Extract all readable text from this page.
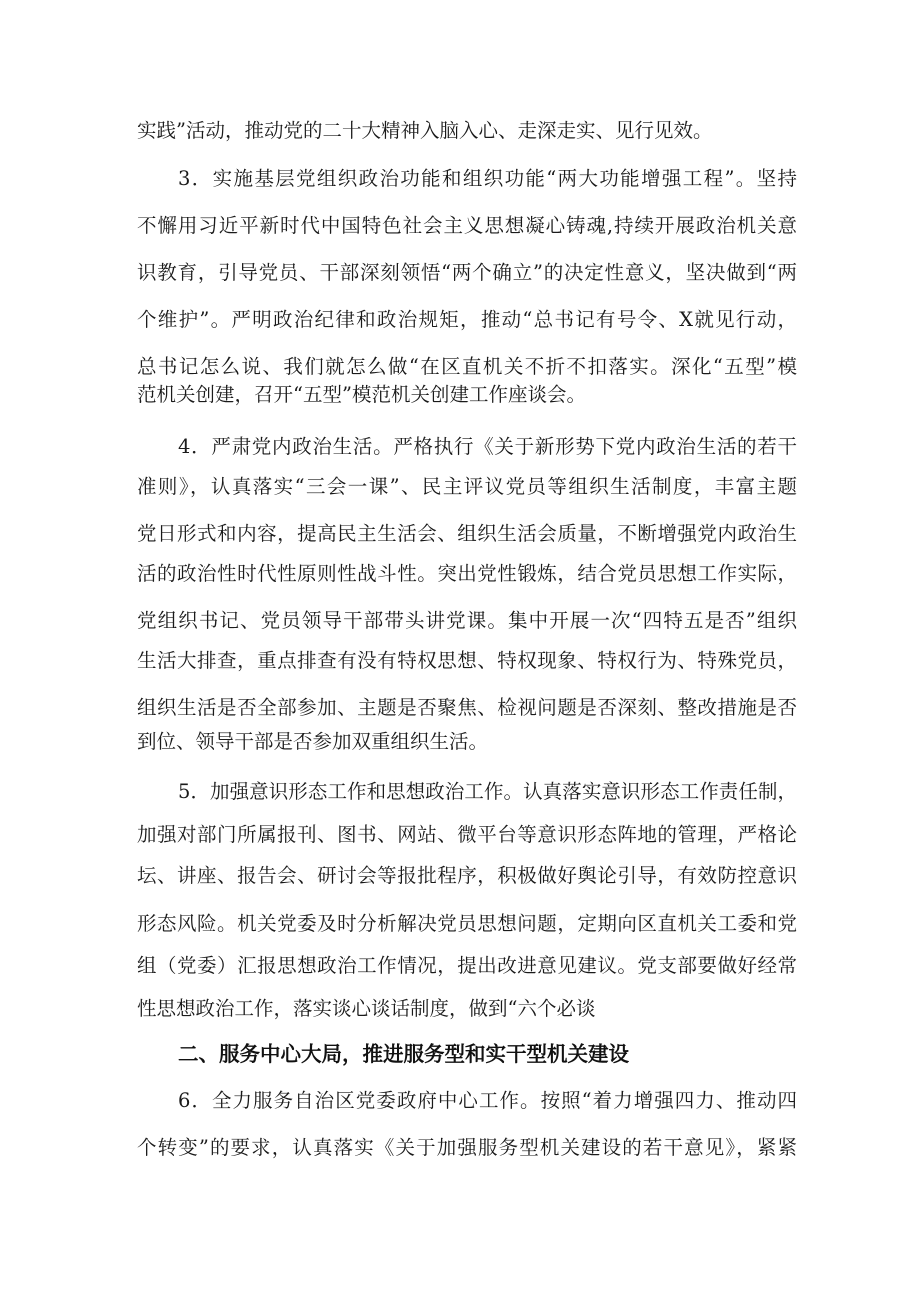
实践”活动，推动党的二十大精神入脑入心、走深走实、见行见效。
3．实施基层党组织政治功能和组织功能“两大功能增强工程”。坚持
不懈用习近平新时代中国特色社会主义思想凝心铸魂,持续开展政治机关意
识教育，引导党员、干部深刻领悟“两个确立”的决定性意义，坚决做到“两
个维护”。严明政治纪律和政治规矩，推动“总书记有号令、X就见行动，
总书记怎么说、我们就怎么做“在区直机关不折不扣落实。深化“五型”模
范机关创建，召开“五型”模范机关创建工作座谈会。
4．严肃党内政治生活。严格执行《关于新形势下党内政治生活的若干
准则》，认真落实“三会一课”、民主评议党员等组织生活制度，丰富主题
党日形式和内容，提高民主生活会、组织生活会质量，不断增强党内政治生
活的政治性时代性原则性战斗性。突出党性锻炼，结合党员思想工作实际，
党组织书记、党员领导干部带头讲党课。集中开展一次“四特五是否”组织
生活大排查，重点排查有没有特权思想、特权现象、特权行为、特殊党员，
组织生活是否全部参加、主题是否聚焦、检视问题是否深刻、整改措施是否
到位、领导干部是否参加双重组织生活。
5．加强意识形态工作和思想政治工作。认真落实意识形态工作责任制，
加强对部门所属报刊、图书、网站、微平台等意识形态阵地的管理，严格论
坛、讲座、报告会、研讨会等报批程序，积极做好舆论引导，有效防控意识
形态风险。机关党委及时分析解决党员思想问题，定期向区直机关工委和党
组（党委）汇报思想政治工作情况，提出改进意见建议。党支部要做好经常
性思想政治工作，落实谈心谈话制度，做到“六个必谈
二、服务中心大局，推进服务型和实干型机关建设
6．全力服务自治区党委政府中心工作。按照“着力增强四力、推动四
个转变”的要求，认真落实《关于加强服务型机关建设的若干意见》，紧紧
